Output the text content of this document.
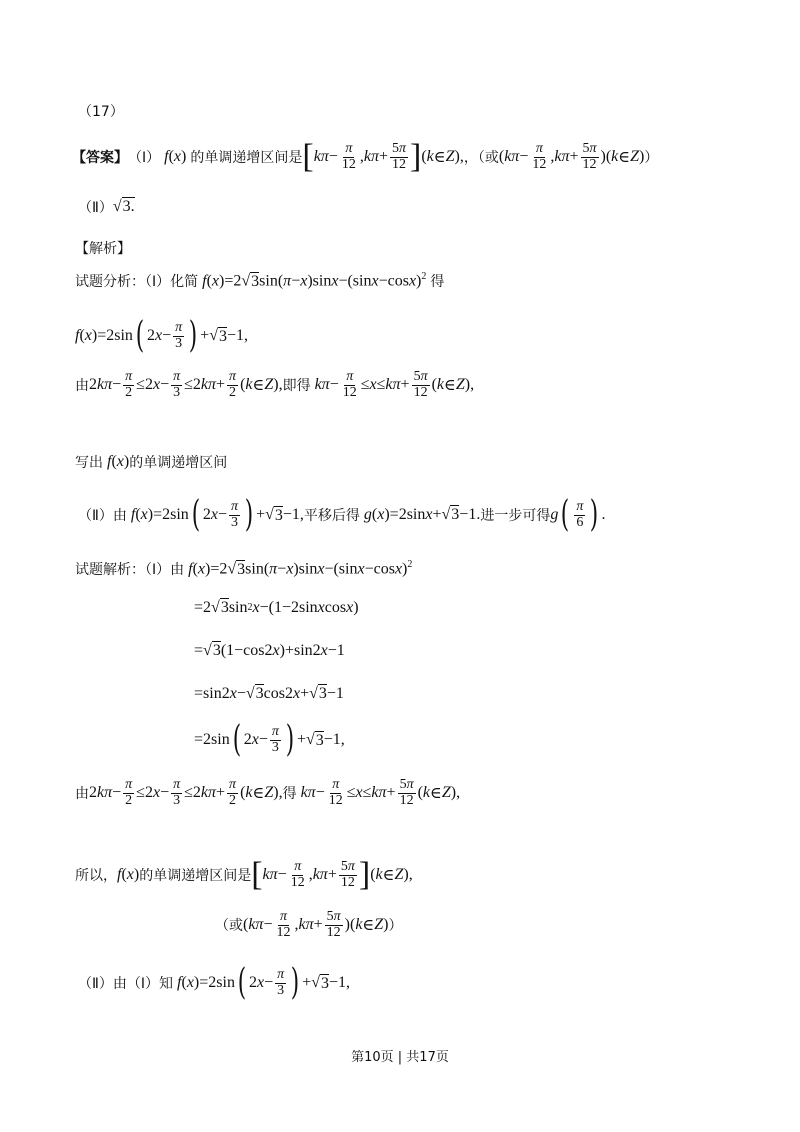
（17）
【答案】 （Ⅰ） f(x) 的单调递增区间是 [ $k\pi - \frac{\pi}{12}$ , $k\pi + \frac{5\pi}{12}$ ] ( k ∈ Z ), ，（或 ( $k\pi - \frac{\pi}{12}$ , $k\pi + \frac{5\pi}{12}$ )( k ∈ Z ) ）
（Ⅱ） √3.
【解析】
试题分析：（Ⅰ）化简 $f(x)=2√3\sin(\pi-x)\sin x-(\sin x-\cos x)^2$ 得
f ( x )=2sin ( 2 $x - \frac{\pi}{3}$ ) +√ 3 −1,
由 2 $k\pi - \frac{\pi}{2} \le 2$ $x - \frac{\pi}{3} \le 2$ $k\pi + \frac{\pi}{2}$ ( k ∈ Z ), 即得
$k\pi - \frac{\pi}{12} \le x \le k\pi + \frac{5\pi}{12}$ ( k ∈ Z ),
写出 f(x) 的单调递增区间
（Ⅱ）由
f ( x )=2sin ( 2 $x - \frac{\pi}{3}$ ) +√ 3 −1, 平移后得 g(x)=2sinx+√3−1. 进一步可得 g ( $\frac{\pi}{6}$ ) .
试题解析：（Ⅰ）由 $f(x)=2√3\sin(\pi-x)\sin x-(\sin x-\cos x)^2$
=2√ 3 sin 2 x −(1−2sin x cos x )
=√ 3 (1−cos2 x )+sin2 x −1
=sin2 x −√ 3 cos2 x +√ 3 −1
=2sin ( 2 $x - \frac{\pi}{3}$ ) +√ 3 −1,
由 2 $k\pi - \frac{\pi}{2} \le 2$ $x - \frac{\pi}{3} \le 2$ $k\pi + \frac{\pi}{2}$ ( k ∈ Z ), 得
$k\pi - \frac{\pi}{12} \le x \le k\pi + \frac{5\pi}{12}$ ( k ∈ Z ),
所以， f(x) 的单调递增区间是 [ $k\pi - \frac{\pi}{12}$ , $k\pi + \frac{5\pi}{12}$ ] ( k ∈ Z ),
（或 ( $k\pi - \frac{\pi}{12}$ , $k\pi + \frac{5\pi}{12}$ )( k ∈ Z ) ）
（Ⅱ）由（Ⅰ）知
f ( x )=2sin ( 2 $x - \frac{\pi}{3}$ ) +√ 3 −1,
第10页 | 共17页
